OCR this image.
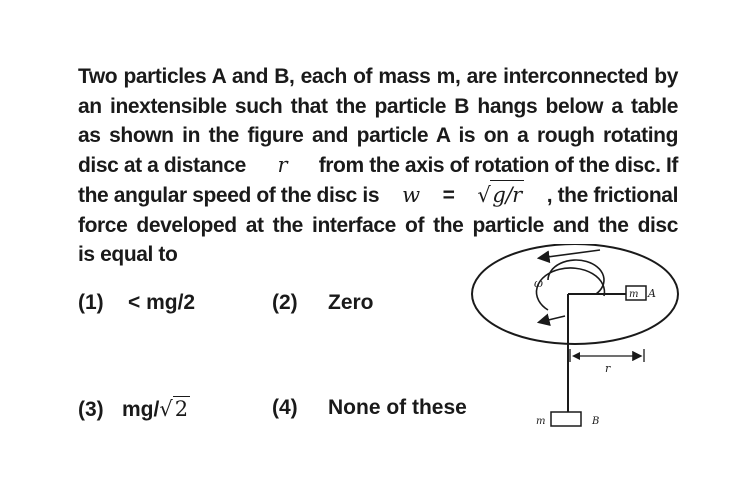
Two particles A and B, each of mass m, are interconnected by
an inextensible such that the particle B hangs below a table
as shown in the figure and particle A is on a rough rotating
disc at a distance r from the axis of rotation of the disc. If
the angular speed of the disc is w = √g/r , the frictional
force developed at the interface of the particle and the disc
is equal to
(1) < mg/2	(2) Zero
(3) mg/√2	(4) None of these
ω
m A
r
m	B
